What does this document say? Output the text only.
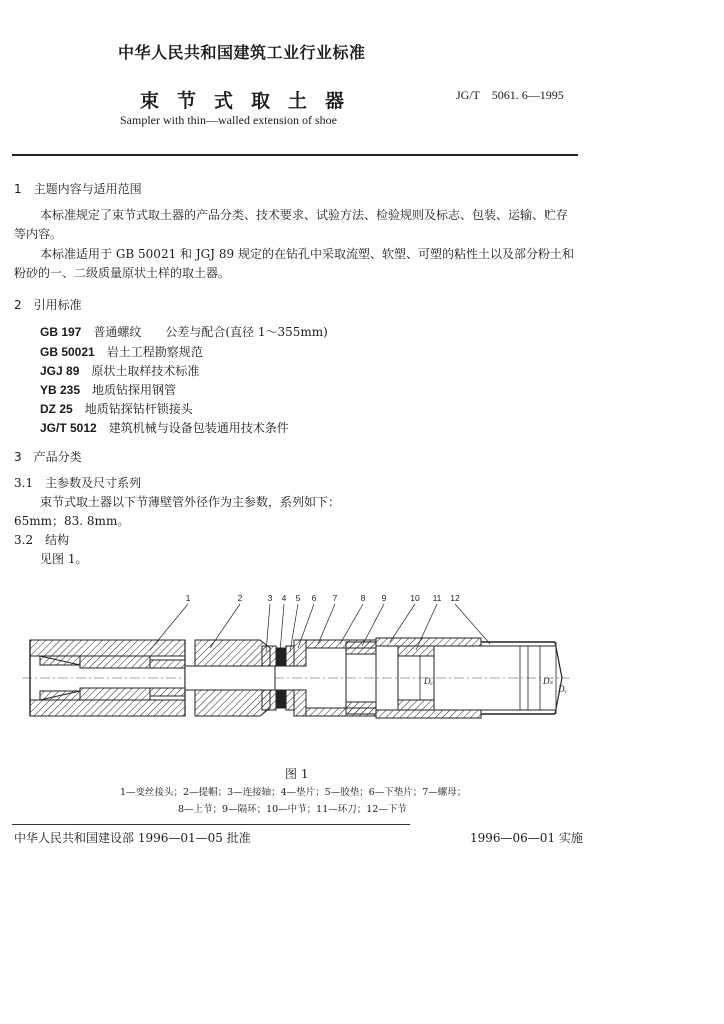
中华人民共和国建筑工业行业标准
束节式取土器	JG/T　5061. 6—1995
Sampler with thin—walled extension of shoe
1　主题内容与适用范围
本标准规定了束节式取土器的产品分类、技术要求、试验方法、检验规则及标志、包装、运输、贮存等内容。
本标准适用于 GB 50021 和 JGJ 89 规定的在钻孔中采取流塑、软塑、可塑的粘性土以及部分粉土和粉砂的一、二级质量原状土样的取土器。
2　引用标准
GB 197　 普通螺纹　　公差与配合(直径 1～355mm)
GB 50021　 岩土工程勘察规范
JGJ 89　 原状土取样技术标准
YB 235　 地质钻探用钢管
DZ 25　 地质钻探钻杆锁接头
JG/T 5012　 建筑机械与设备包装通用技术条件
3　产品分类
3.1　主参数及尺寸系列
束节式取土器以下节薄壁管外径作为主参数，系列如下：
65mm；83. 8mm。
3.2　结构
见图 1。
Dₑ	Dₛ
Dᵥ
1	2	3 4 5 6 7	8 9	10 11 12
图 1
1—变丝接头；2—提帽；3—连接轴；4—垫片；5—胶垫；6—下垫片；7—螺母；
8—上节；9—隔环；10—中节；11—环刀；12—下节
中华人民共和国建设部 1996—01—05 批准	1996—06—01 实施
